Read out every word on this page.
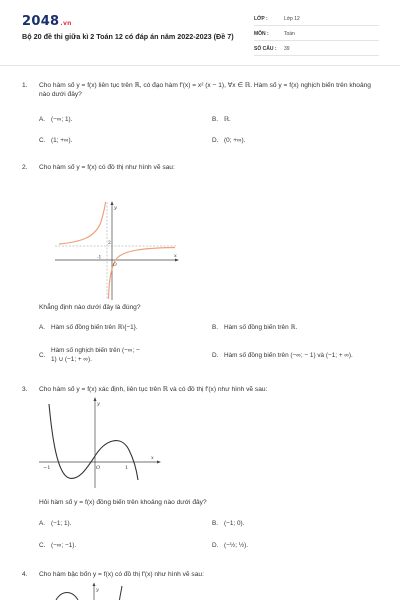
2048.vn
Bộ 20 đề thi giữa kì 2 Toán 12 có đáp án năm 2022-2023 (Đề 7)
LỚP :	Lớp 12
MÔN :	Toán
SỐ CÂU : 39
1. Cho hàm số y = f(x) liên tục trên ℝ, có đạo hàm f′(x) = x² (x − 1), ∀x ∈ ℝ. Hàm số y = f(x) nghịch biến trên khoảng nào dưới đây?
A. (−∞; 1).	B. ℝ.
C. (1; +∞).	D. (0; +∞).
2. Cho hàm số y = f(x) có đồ thị như hình vẽ sau:
y
x
O
2
-1
Khẳng định nào dưới đây là đúng?
A. Hàm số đồng biến trên ℝ\{−1}.	B. Hàm số đồng biến trên ℝ.
C.
Hàm số nghịch biến trên (−∞; − 1) ∪ (−1; + ∞).	D. Hàm số đồng biến trên (−∞; − 1) và (−1; + ∞).
3. Cho hàm số y = f(x) xác định, liên tục trên ℝ và có đồ thị f′(x) như hình vẽ sau:
y
x
O
−1	1
Hỏi hàm số y = f(x) đồng biến trên khoảng nào dưới đây?
A. (−1; 1).	B. (−1; 0).
C. (−∞; −1).	D. (−½; ½).
4. Cho hàm bậc bốn y = f(x) có đồ thị f′(x) như hình vẽ sau:
y
